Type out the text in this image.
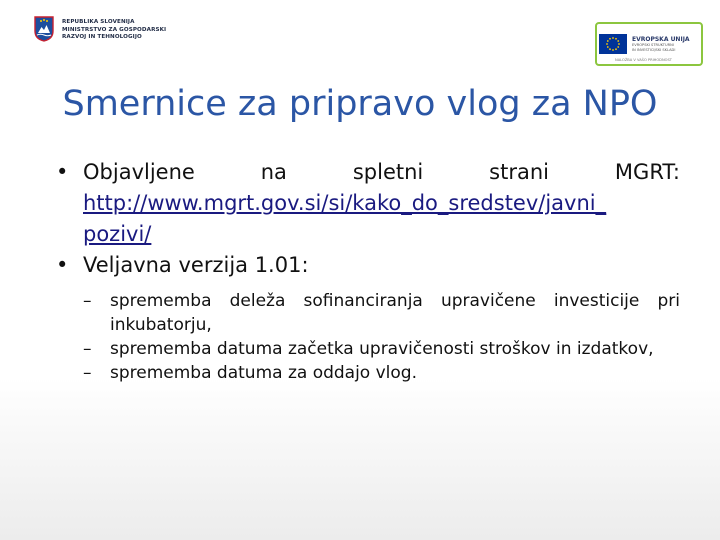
REPUBLIKA SLOVENIJA
MINISTRSTVO ZA GOSPODARSKI
RAZVOJ IN TEHNOLOGIJO	EVROPSKA UNIJA
EVROPSKI STRUKTURNI
IN INVESTICIJSKI SKLADI
NALOŽBA V VAŠO PRIHODNOST
Smernice za pripravo vlog za NPO
• Objavljene	na	spletni	strani	MGRT:
http://www.mgrt.gov.si/si/kako_do_sredstev/javni_
pozivi/
• Veljavna verzija 1.01:
– sprememba deleža sofinanciranja upravičene investicije pri inkubatorju,
– sprememba datuma začetka upravičenosti stroškov in izdatkov,
– sprememba datuma za oddajo vlog.
